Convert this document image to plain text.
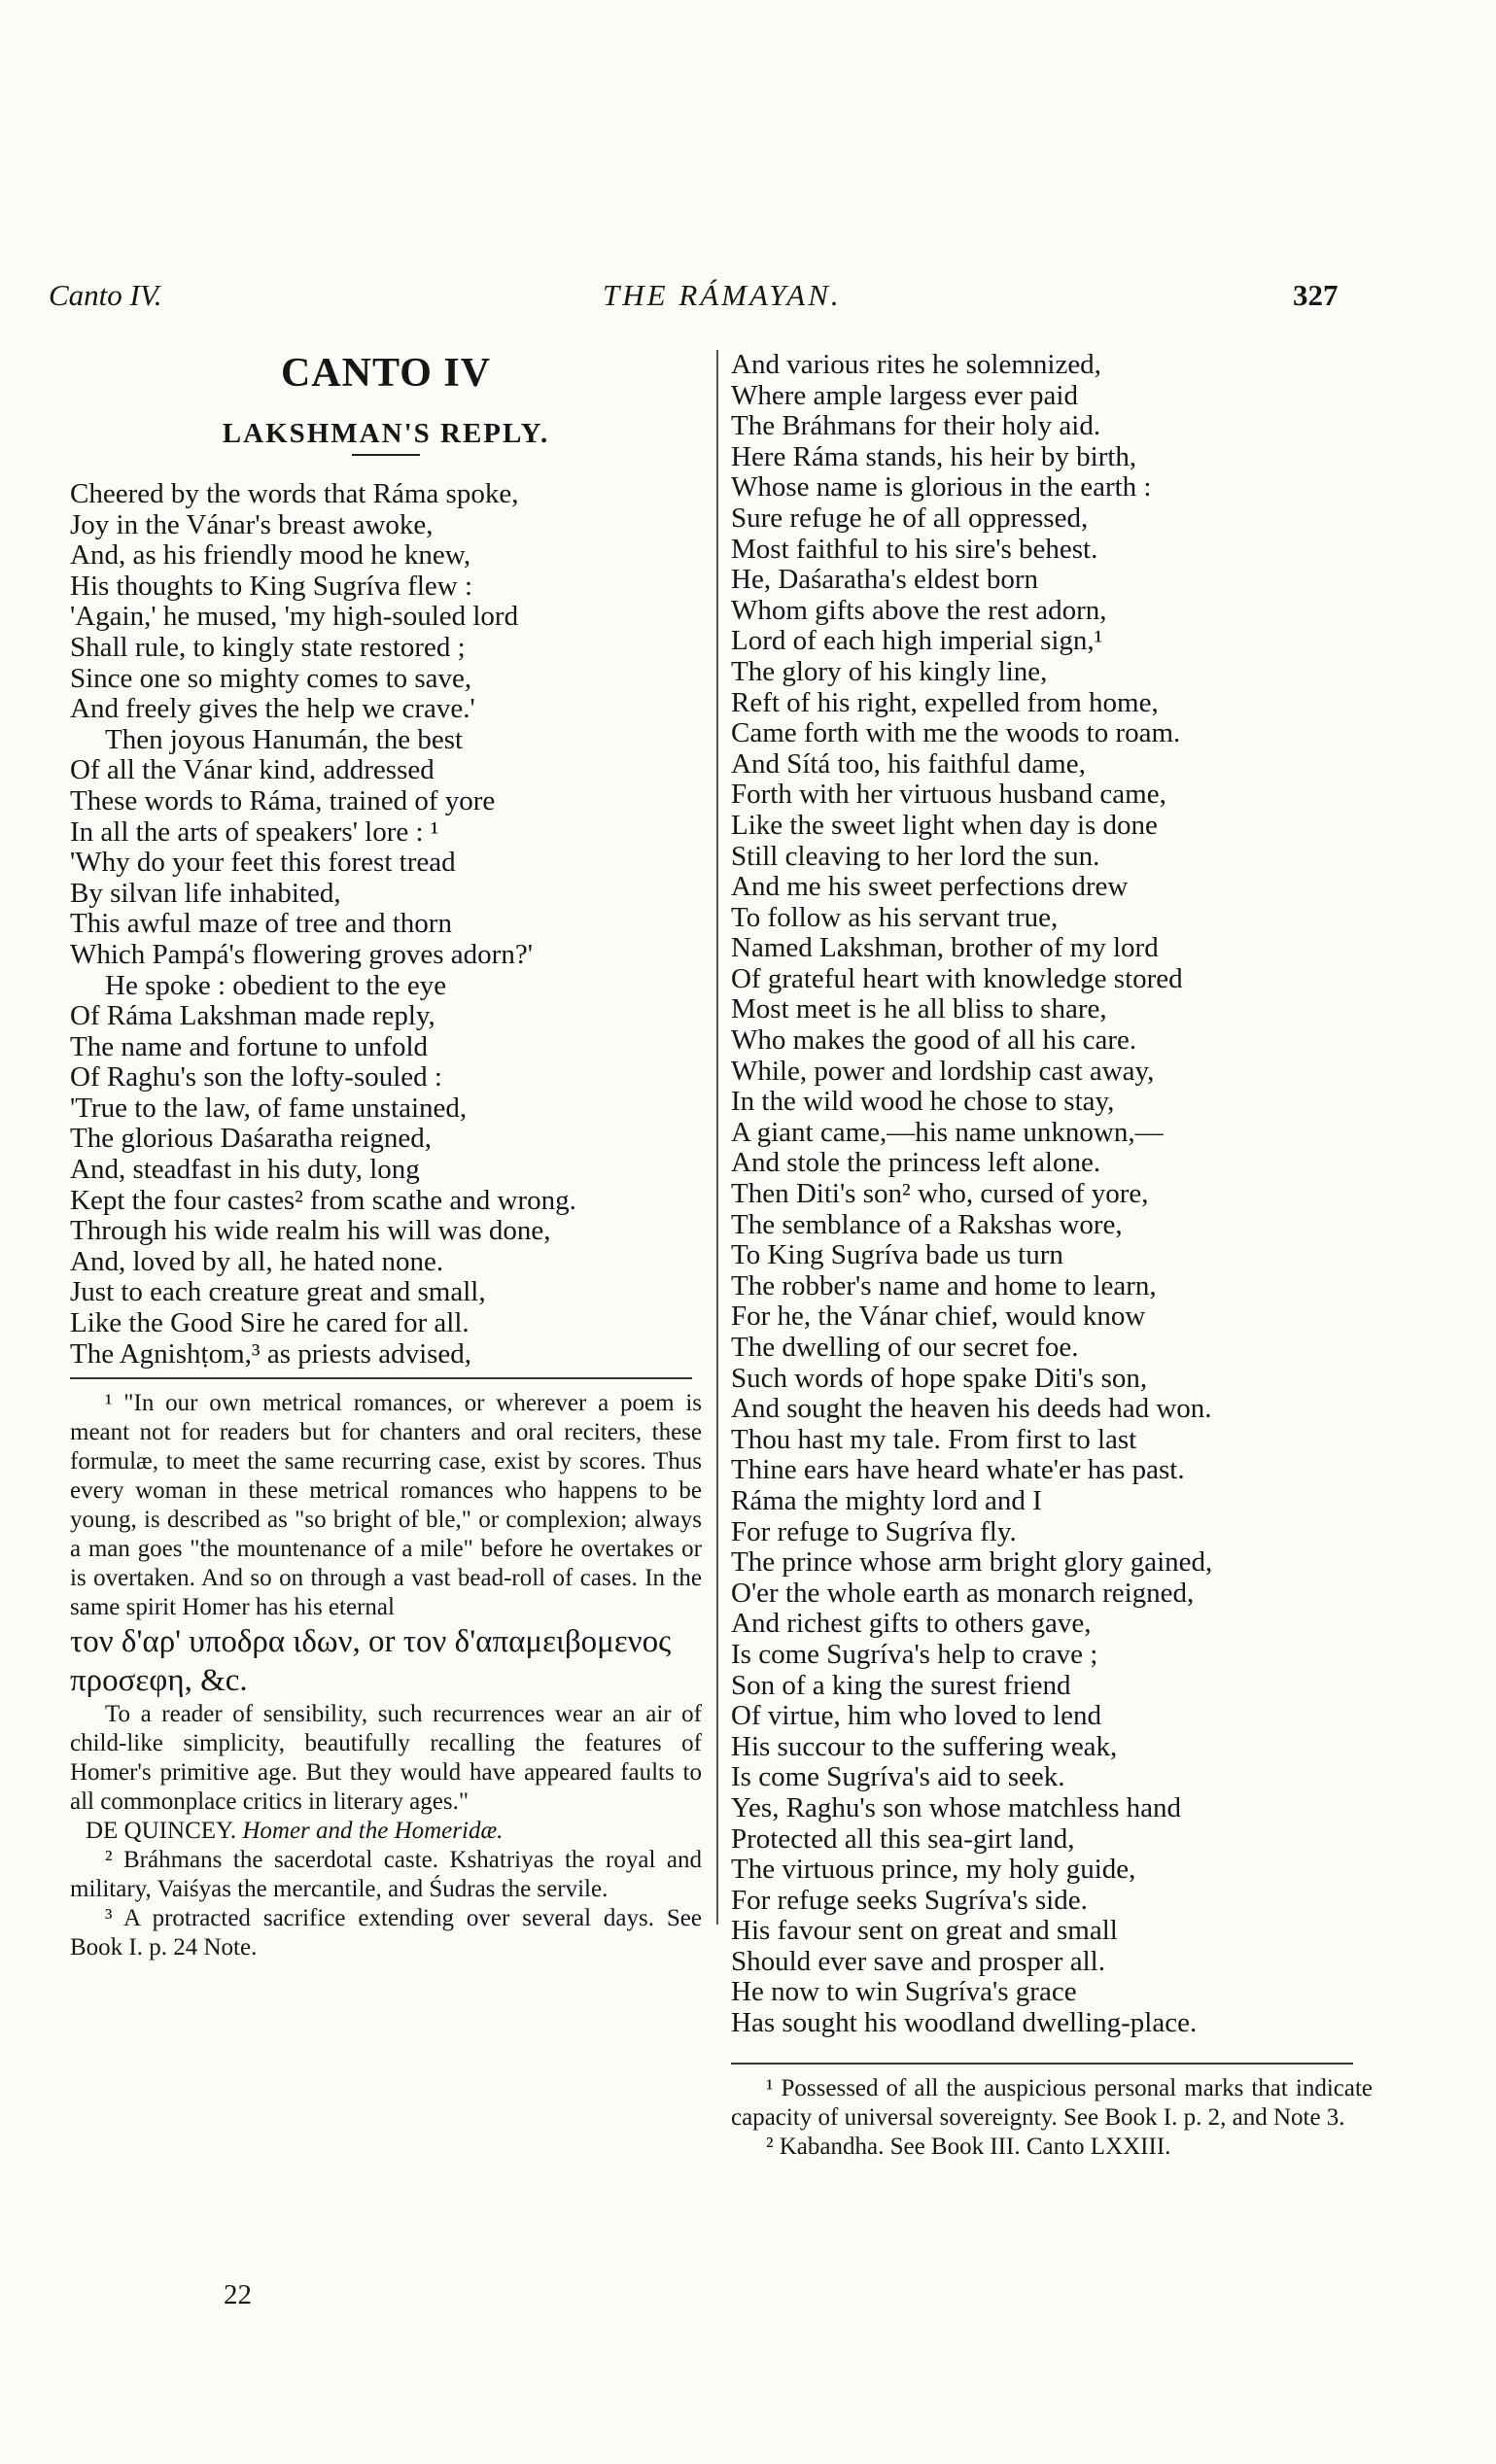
Canto IV.	THE RÁMAYAN.	327
CANTO IV
LAKSHMAN'S REPLY.
Cheered by the words that Ráma spoke,
Joy in the Vánar's breast awoke,
And, as his friendly mood he knew,
His thoughts to King Sugríva flew :
'Again,' he mused, 'my high-souled lord
Shall rule, to kingly state restored ;
Since one so mighty comes to save,
And freely gives the help we crave.'
Then joyous Hanumán, the best
Of all the Vánar kind, addressed
These words to Ráma, trained of yore
In all the arts of speakers' lore : ¹
'Why do your feet this forest tread
By silvan life inhabited,
This awful maze of tree and thorn
Which Pampá's flowering groves adorn?'
He spoke : obedient to the eye
Of Ráma Lakshman made reply,
The name and fortune to unfold
Of Raghu's son the lofty-souled :
'True to the law, of fame unstained,
The glorious Daśaratha reigned,
And, steadfast in his duty, long
Kept the four castes² from scathe and wrong.
Through his wide realm his will was done,
And, loved by all, he hated none.
Just to each creature great and small,
Like the Good Sire he cared for all.
The Agnishṭom,³ as priests advised,

¹ "In our own metrical romances, or wherever a poem is meant not for readers but for chanters and oral reciters, these formulæ, to meet the same recurring case, exist by scores. Thus every woman in these metrical romances who happens to be young, is described as "so bright of ble," or complexion; always a man goes "the mountenance of a mile" before he overtakes or is overtaken. And so on through a vast bead-roll of cases. In the same spirit Homer has his eternal

τον δ'αρ' υποδρα ιδων, or τον δ'απαμειβομενος προσεφη, &c.

To a reader of sensibility, such recurrences wear an air of child-like simplicity, beautifully recalling the features of Homer's primitive age. But they would have appeared faults to all commonplace critics in literary ages."

DE QUINCEY. Homer and the Homeridæ.

² Bráhmans the sacerdotal caste. Kshatriyas the royal and military, Vaiśyas the mercantile, and Śudras the servile.

³ A protracted sacrifice extending over several days. See Book I. p. 24 Note.

And various rites he solemnized,
Where ample largess ever paid
The Bráhmans for their holy aid.
Here Ráma stands, his heir by birth,
Whose name is glorious in the earth :
Sure refuge he of all oppressed,
Most faithful to his sire's behest.
He, Daśaratha's eldest born
Whom gifts above the rest adorn,
Lord of each high imperial sign,¹
The glory of his kingly line,
Reft of his right, expelled from home,
Came forth with me the woods to roam.
And Sítá too, his faithful dame,
Forth with her virtuous husband came,
Like the sweet light when day is done
Still cleaving to her lord the sun.
And me his sweet perfections drew
To follow as his servant true,
Named Lakshman, brother of my lord
Of grateful heart with knowledge stored
Most meet is he all bliss to share,
Who makes the good of all his care.
While, power and lordship cast away,
In the wild wood he chose to stay,
A giant came,—his name unknown,—
And stole the princess left alone.
Then Diti's son² who, cursed of yore,
The semblance of a Rakshas wore,
To King Sugríva bade us turn
The robber's name and home to learn,
For he, the Vánar chief, would know
The dwelling of our secret foe.
Such words of hope spake Diti's son,
And sought the heaven his deeds had won.
Thou hast my tale. From first to last
Thine ears have heard whate'er has past.
Ráma the mighty lord and I
For refuge to Sugríva fly.
The prince whose arm bright glory gained,
O'er the whole earth as monarch reigned,
And richest gifts to others gave,
Is come Sugríva's help to crave ;
Son of a king the surest friend
Of virtue, him who loved to lend
His succour to the suffering weak,
Is come Sugríva's aid to seek.
Yes, Raghu's son whose matchless hand
Protected all this sea-girt land,
The virtuous prince, my holy guide,
For refuge seeks Sugríva's side.
His favour sent on great and small
Should ever save and prosper all.
He now to win Sugríva's grace
Has sought his woodland dwelling-place.

¹ Possessed of all the auspicious personal marks that indicate capacity of universal sovereignty. See Book I. p. 2, and Note 3.

² Kabandha. See Book III. Canto LXXIII.

22
